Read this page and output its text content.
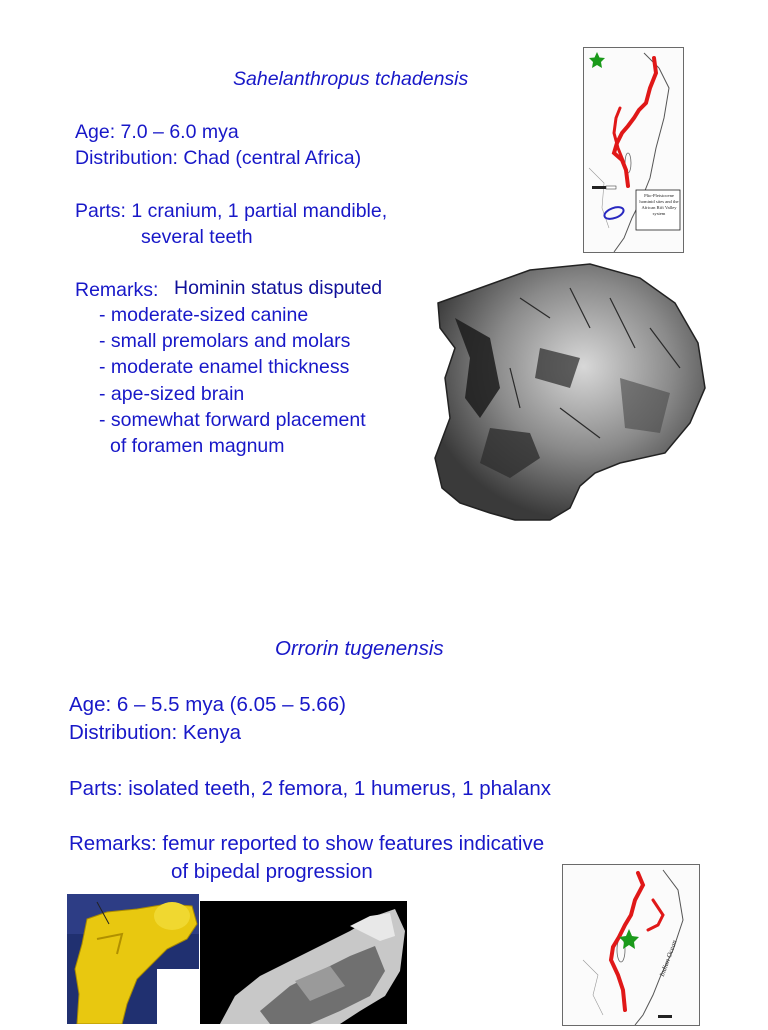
Sahelanthropus tchadensis
Age: 7.0 – 6.0 mya
Distribution: Chad (central Africa)
Parts: 1 cranium, 1 partial mandible,
several teeth
Remarks: Hominin status disputed
- moderate-sized canine
- small premolars and molars
- moderate enamel thickness
- ape-sized brain
- somewhat forward placement
of foramen magnum
Plio-Pleistocene
hominid sites and the
African Rift Valley
system
Orrorin tugenensis
Age: 6 – 5.5 mya (6.05 – 5.66)
Distribution: Kenya
Parts: isolated teeth, 2 femora, 1 humerus, 1 phalanx
Remarks: femur reported to show features indicative
of bipedal progression
Indian Ocean
